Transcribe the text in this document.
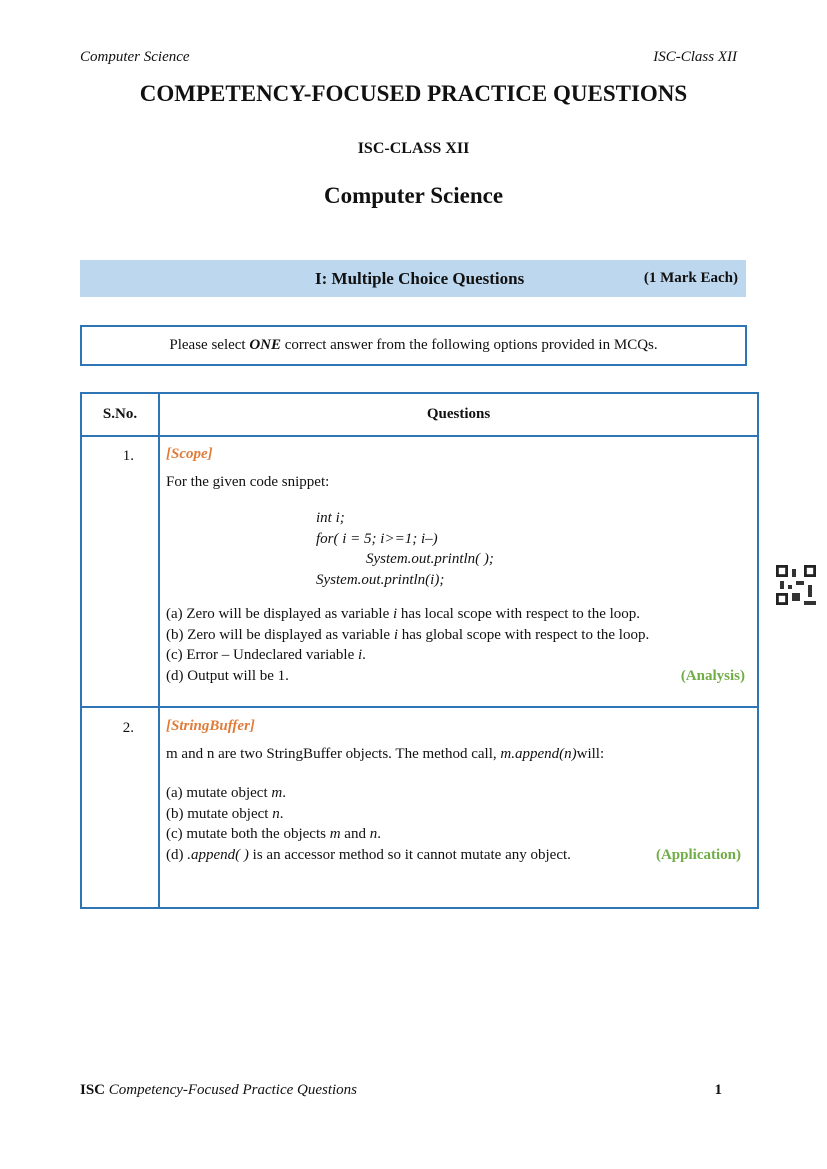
Computer Science	ISC-Class XII
COMPETENCY-FOCUSED PRACTICE QUESTIONS
ISC-CLASS XII
Computer Science
I: Multiple Choice Questions	(1 Mark Each)
Please select ONE correct answer from the following options provided in MCQs.
S.No.	Questions
1. [Scope]
For the given code snippet:
int i;
for( i = 5; i>=1; i–)
System.out.println( );
System.out.println(i);
(a) Zero will be displayed as variable i has local scope with respect to the loop.
(b) Zero will be displayed as variable i has global scope with respect to the loop.
(c) Error – Undeclared variable i.
(d) Output will be 1.	(Analysis)
2. [StringBuffer]
m and n are two StringBuffer objects. The method call, m.append(n)will:
(a) mutate object m.
(b) mutate object n.
(c) mutate both the objects m and n.
(d) .append( ) is an accessor method so it cannot mutate any object.	(Application)
ISC Competency-Focused Practice Questions	1
